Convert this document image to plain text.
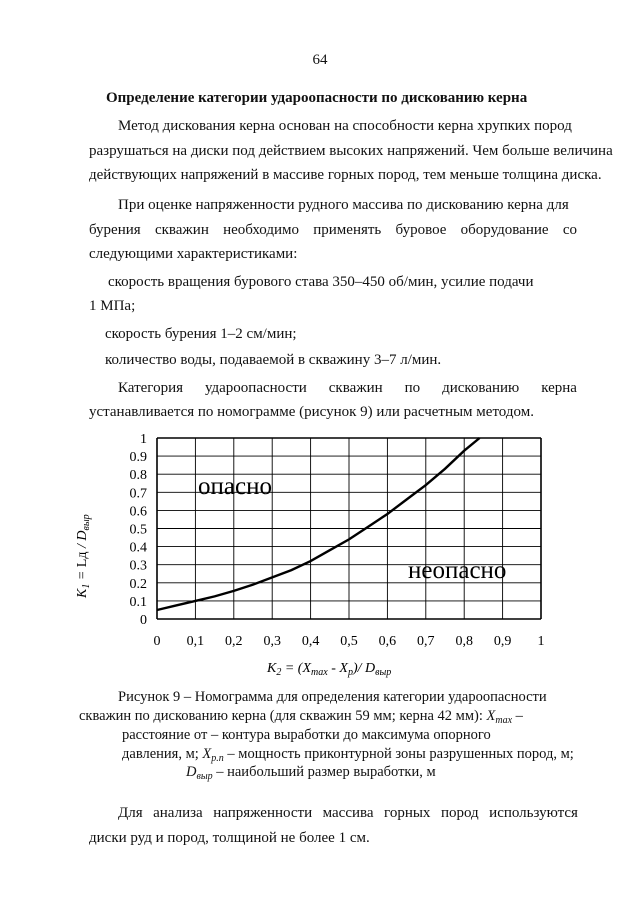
64
Определение категории удароопасности по дискованию керна
Метод дискования керна основан на способности керна хрупких пород
разрушаться на диски под действием высоких напряжений. Чем больше величина
действующих напряжений в массиве горных пород, тем меньше толщина диска.
При оценке напряженности рудного массива по дискованию керна для
бурения скважин необходимо применять буровое оборудование со
следующими характеристиками:
скорость вращения бурового става 350–450 об/мин, усилие подачи
1 МПа;
скорость бурения 1–2 см/мин;
количество воды, подаваемой в скважину 3–7 л/мин.
Категория удароопасности скважин по дискованию керна
устанавливается по номограмме (рисунок 9) или расчетным методом.
0 0,1 0,2 0,3 0,4 0,5 0,6 0,7 0,8 0,9 1
0
0.1
0.2
0.3
0.4
0.5
0.6
0.7
0.8
0.9
1
опасно
неопасно
$K_1$ = Lд / $D_{выр}$
$K_2 = (X_{max} - X_p)/$ $D_{выр}$
Рисунок 9 – Номограмма для определения категории удароопасности
скважин по дискованию керна (для скважин 59 мм; керна 42 мм): $X_{max}$ –
расстояние от – контура выработки до максимума опорного
давления, м; $X_{р.п}$ – мощность приконтурной зоны разрушенных пород, м;
$D_{выр}$ – наибольший размер выработки, м
Для анализа напряженности массива горных пород используются
диски руд и пород, толщиной не более 1 см.
